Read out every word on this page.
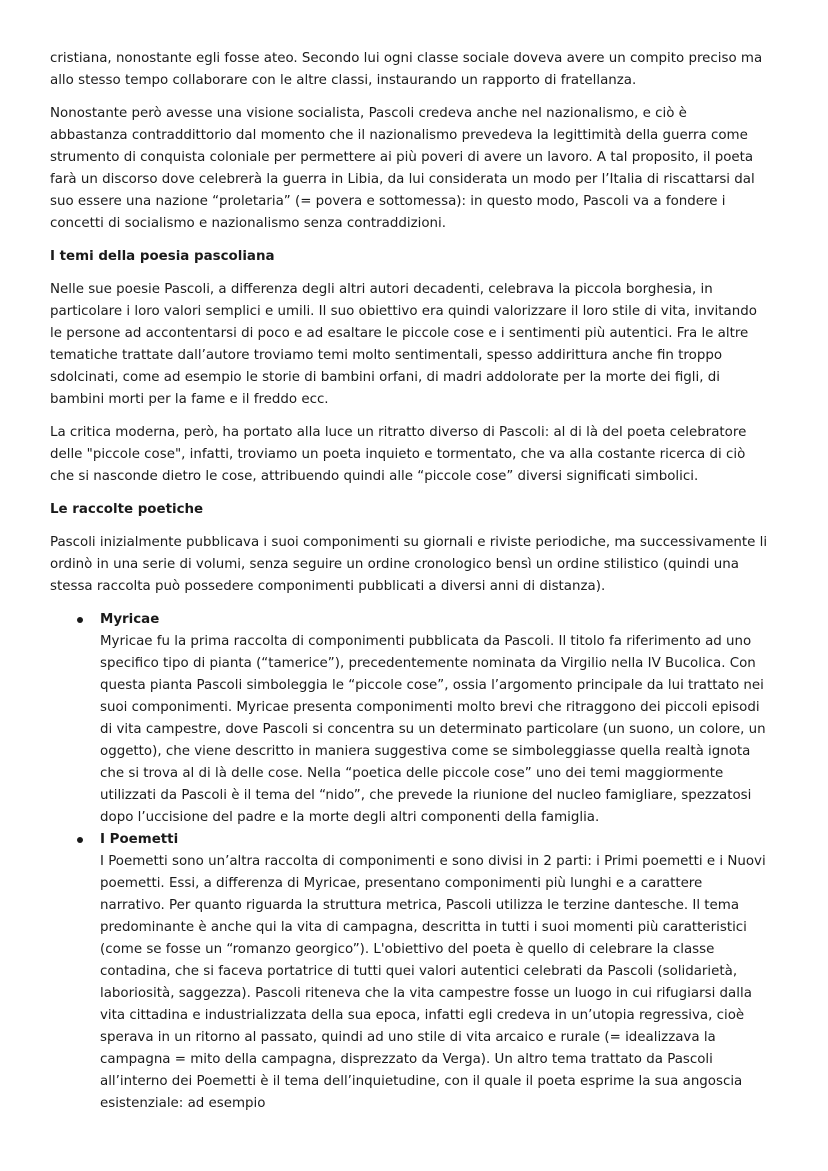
cristiana, nonostante egli fosse ateo. Secondo lui ogni classe sociale doveva avere un compito preciso ma allo stesso tempo collaborare con le altre classi, instaurando un rapporto di fratellanza.

Nonostante però avesse una visione socialista, Pascoli credeva anche nel nazionalismo, e ciò è abbastanza contraddittorio dal momento che il nazionalismo prevedeva la legittimità della guerra come strumento di conquista coloniale per permettere ai più poveri di avere un lavoro. A tal proposito, il poeta farà un discorso dove celebrerà la guerra in Libia, da lui considerata un modo per l’Italia di riscattarsi dal suo essere una nazione “proletaria” (= povera e sottomessa): in questo modo, Pascoli va a fondere i concetti di socialismo e nazionalismo senza contraddizioni.

I temi della poesia pascoliana

Nelle sue poesie Pascoli, a differenza degli altri autori decadenti, celebrava la piccola borghesia, in particolare i loro valori semplici e umili. Il suo obiettivo era quindi valorizzare il loro stile di vita, invitando le persone ad accontentarsi di poco e ad esaltare le piccole cose e i sentimenti più autentici. Fra le altre tematiche trattate dall’autore troviamo temi molto sentimentali, spesso addirittura anche fin troppo sdolcinati, come ad esempio le storie di bambini orfani, di madri addolorate per la morte dei figli, di bambini morti per la fame e il freddo ecc.

La critica moderna, però, ha portato alla luce un ritratto diverso di Pascoli: al di là del poeta celebratore delle "piccole cose", infatti, troviamo un poeta inquieto e tormentato, che va alla costante ricerca di ciò che si nasconde dietro le cose, attribuendo quindi alle “piccole cose” diversi significati simbolici.

Le raccolte poetiche

Pascoli inizialmente pubblicava i suoi componimenti su giornali e riviste periodiche, ma successivamente li ordinò in una serie di volumi, senza seguire un ordine cronologico bensì un ordine stilistico (quindi una stessa raccolta può possedere componimenti pubblicati a diversi anni di distanza).

Myricae
Myricae fu la prima raccolta di componimenti pubblicata da Pascoli. Il titolo fa riferimento ad uno specifico tipo di pianta (“tamerice”), precedentemente nominata da Virgilio nella IV Bucolica. Con questa pianta Pascoli simboleggia le “piccole cose”, ossia l’argomento principale da lui trattato nei suoi componimenti. Myricae presenta componimenti molto brevi che ritraggono dei piccoli episodi di vita campestre, dove Pascoli si concentra su un determinato particolare (un suono, un colore, un oggetto), che viene descritto in maniera suggestiva come se simboleggiasse quella realtà ignota che si trova al di là delle cose. Nella “poetica delle piccole cose” uno dei temi maggiormente utilizzati da Pascoli è il tema del “nido”, che prevede la riunione del nucleo famigliare, spezzatosi dopo l’uccisione del padre e la morte degli altri componenti della famiglia.
I Poemetti
I Poemetti sono un’altra raccolta di componimenti e sono divisi in 2 parti: i Primi poemetti e i Nuovi poemetti. Essi, a differenza di Myricae, presentano componimenti più lunghi e a carattere narrativo. Per quanto riguarda la struttura metrica, Pascoli utilizza le terzine dantesche. Il tema predominante è anche qui la vita di campagna, descritta in tutti i suoi momenti più caratteristici (come se fosse un “romanzo georgico”). L'obiettivo del poeta è quello di celebrare la classe contadina, che si faceva portatrice di tutti quei valori autentici celebrati da Pascoli (solidarietà, laboriosità, saggezza). Pascoli riteneva che la vita campestre fosse un luogo in cui rifugiarsi dalla vita cittadina e industrializzata della sua epoca, infatti egli credeva in un’utopia regressiva, cioè sperava in un ritorno al passato, quindi ad uno stile di vita arcaico e rurale (= idealizzava la campagna = mito della campagna, disprezzato da Verga). Un altro tema trattato da Pascoli all’interno dei Poemetti è il tema dell’inquietudine, con il quale il poeta esprime la sua angoscia esistenziale: ad esempio
